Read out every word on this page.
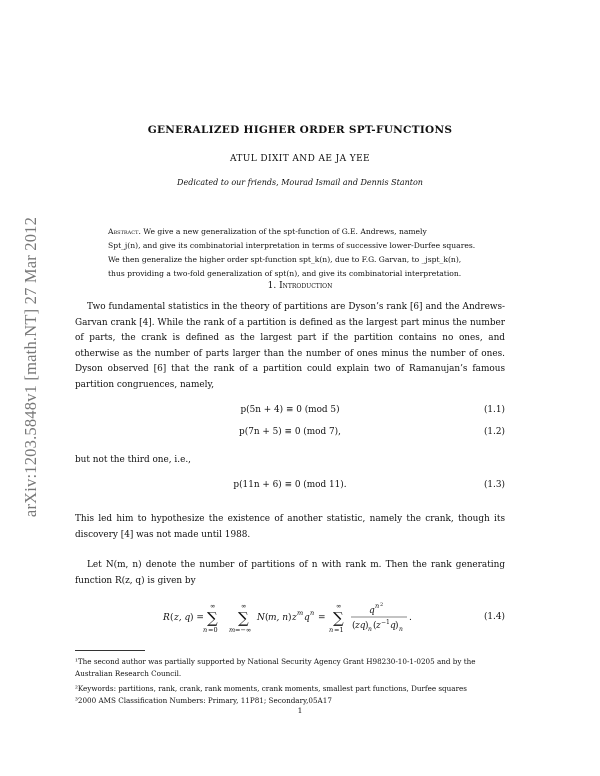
arXiv:1203.5848v1 [math.NT] 27 Mar 2012
GENERALIZED HIGHER ORDER SPT-FUNCTIONS
ATUL DIXIT AND AE JA YEE
Dedicated to our friends, Mourad Ismail and Dennis Stanton
Abstract. We give a new generalization of the spt-function of G.E. Andrews, namely
Spt_j(n), and give its combinatorial interpretation in terms of successive lower-Durfee squares.
We then generalize the higher order spt-function spt_k(n), due to F.G. Garvan, to _jspt_k(n),
thus providing a two-fold generalization of spt(n), and give its combinatorial interpretation.
1. Introduction
Two fundamental statistics in the theory of partitions are Dyson’s rank [6] and the Andrews-Garvan crank [4]. While the rank of a partition is defined as the largest part minus the number of parts, the crank is defined as the largest part if the partition contains no ones, and otherwise as the number of parts larger than the number of ones minus the number of ones. Dyson observed [6] that the rank of a partition could explain two of Ramanujan’s famous partition congruences, namely,
p(5n + 4) ≡ 0 (mod 5)	(1.1)
p(7n + 5) ≡ 0 (mod 7),	(1.2)
but not the third one, i.e.,
p(11n + 6) ≡ 0 (mod 11).	(1.3)
This led him to hypothesize the existence of another statistic, namely the crank, though its discovery [4] was not made until 1988.
Let N(m, n) denote the number of partitions of n with rank m. Then the rank generating function R(z, q) is given by
R ( z, q ) =
∞
∑
n =0
∞
∑
m =−∞
N ( m, n ) z m q n =
∞
∑
n =1
q n 2
( zq ) n ( z −1 q ) n
.	(1.4)
¹The second author was partially supported by National Security Agency Grant H98230-10-1-0205 and by the Australian Research Council.
²Keywords: partitions, rank, crank, rank moments, crank moments, smallest part functions, Durfee squares
³2000 AMS Classification Numbers: Primary, 11P81; Secondary,05A17
1
